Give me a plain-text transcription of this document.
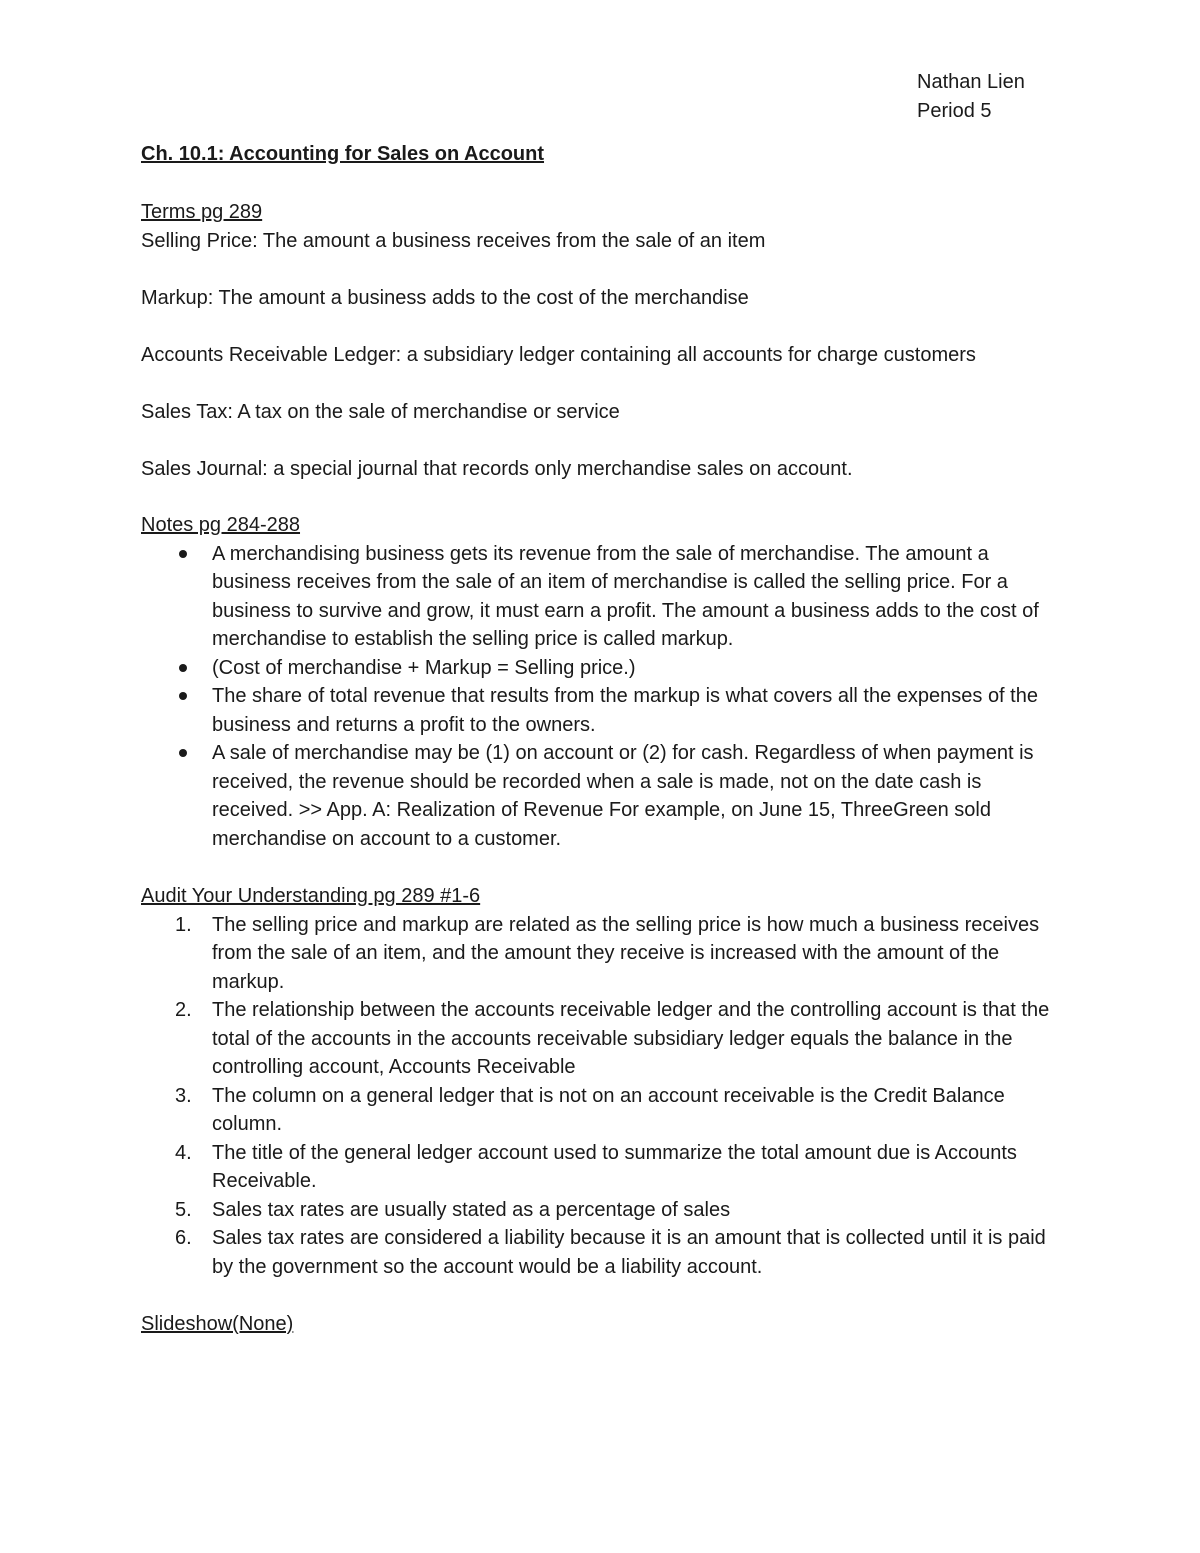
Nathan Lien
Period 5
Ch. 10.1: Accounting for Sales on Account
Terms pg 289

Selling Price: The amount a business receives from the sale of an item

Markup: The amount a business adds to the cost of the merchandise

Accounts Receivable Ledger: a subsidiary ledger containing all accounts for charge customers

Sales Tax: A tax on the sale of merchandise or service

Sales Journal: a special journal that records only merchandise sales on account.

Notes pg 284-288
A merchandising business gets its revenue from the sale of merchandise. The amount a business receives from the sale of an item of merchandise is called the selling price. For a business to survive and grow, it must earn a profit. The amount a business adds to the cost of merchandise to establish the selling price is called markup.
(Cost of merchandise + Markup = Selling price.)
The share of total revenue that results from the markup is what covers all the expenses of the business and returns a profit to the owners.
A sale of merchandise may be (1) on account or (2) for cash. Regardless of when payment is received, the revenue should be recorded when a sale is made, not on the date cash is received. >> App. A: Realization of Revenue For example, on June 15, ThreeGreen sold merchandise on account to a customer.
Audit Your Understanding pg 289 #1-6
1. The selling price and markup are related as the selling price is how much a business receives from the sale of an item, and the amount they receive is increased with the amount of the markup.
2. The relationship between the accounts receivable ledger and the controlling account is that the total of the accounts in the accounts receivable subsidiary ledger equals the balance in the controlling account, Accounts Receivable
3. The column on a general ledger that is not on an account receivable is the Credit Balance column.
4. The title of the general ledger account used to summarize the total amount due is Accounts Receivable.
5. Sales tax rates are usually stated as a percentage of sales
6. Sales tax rates are considered a liability because it is an amount that is collected until it is paid by the government so the account would be a liability account.
Slideshow(None)
